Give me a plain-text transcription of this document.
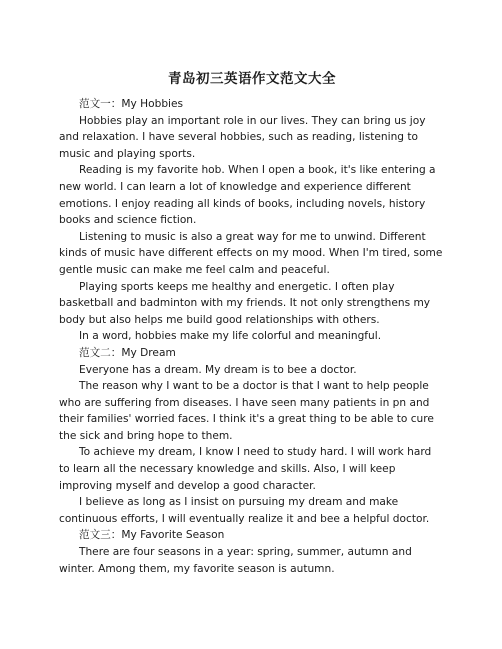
青岛初三英语作文范文大全

范文一：My Hobbies

Hobbies play an important role in our lives. They can bring us joy and relaxation. I have several hobbies, such as reading, listening to music and playing sports.

Reading is my favorite hob. When I open a book, it's like entering a new world. I can learn a lot of knowledge and experience different emotions. I enjoy reading all kinds of books, including novels, history books and science fiction.

Listening to music is also a great way for me to unwind. Different kinds of music have different effects on my mood. When I'm tired, some gentle music can make me feel calm and peaceful.

Playing sports keeps me healthy and energetic. I often play basketball and badminton with my friends. It not only strengthens my body but also helps me build good relationships with others.

In a word, hobbies make my life colorful and meaningful.

范文二：My Dream

Everyone has a dream. My dream is to bee a doctor.

The reason why I want to be a doctor is that I want to help people who are suffering from diseases. I have seen many patients in pn and their families' worried faces. I think it's a great thing to be able to cure the sick and bring hope to them.

To achieve my dream, I know I need to study hard. I will work hard to learn all the necessary knowledge and skills. Also, I will keep improving myself and develop a good character.

I believe as long as I insist on pursuing my dream and make continuous efforts, I will eventually realize it and bee a helpful doctor.

范文三：My Favorite Season

There are four seasons in a year: spring, summer, autumn and winter. Among them, my favorite season is autumn.
